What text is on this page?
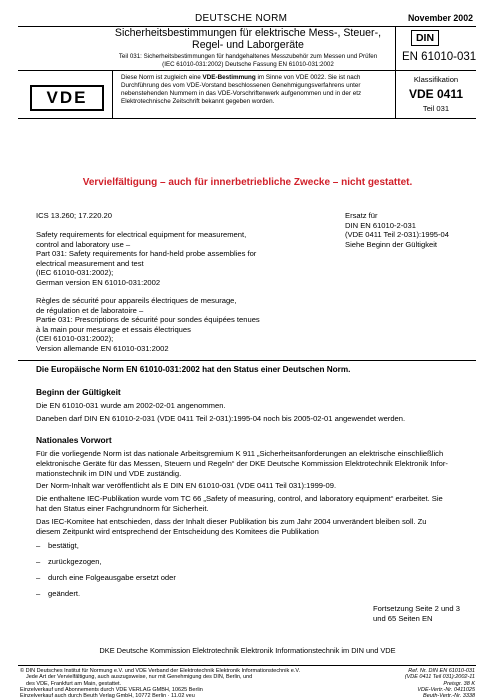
DEUTSCHE NORM	November 2002
Sicherheitsbestimmungen für elektrische Mess-, Steuer-,
Regel- und Laborgeräte
Teil 031: Sicherheitsbestimmungen für handgehaltenes Messzubehör zum Messen und Prüfen
(IEC 61010-031:2002) Deutsche Fassung EN 61010-031:2002
DIN
EN 61010-031
VDE
Diese Norm ist zugleich eine VDE-Bestimmung im Sinne von VDE 0022. Sie ist nach Durchführung des vom VDE-Vorstand beschlossenen Genehmigungsverfahrens unter nebenstehenden Nummern in das VDE-Vorschriftenwerk aufgenommen und in der etz Elektrotechnische Zeitschrift bekannt gegeben worden.
Klassifikation
VDE 0411
Teil 031
Vervielfältigung – auch für innerbetriebliche Zwecke – nicht gestattet.
ICS 13.260; 17.220.20	Ersatz für
DIN EN 61010-2-031
(VDE 0411 Teil 2-031):1995-04
Siehe Beginn der Gültigkeit
Safety requirements for electrical equipment for measurement,
control and laboratory use –
Part 031: Safety requirements for hand-held probe assemblies for
electrical measurement and test
(IEC 61010-031:2002);
German version EN 61010-031:2002
Règles de sécurité pour appareils électriques de mesurage,
de régulation et de laboratoire –
Partie 031: Prescriptions de sécurité pour sondes équipées tenues
à la main pour mesurage et essais électriques
(CEI 61010-031:2002);
Version allemande EN 61010-031:2002
Die Europäische Norm EN 61010-031:2002 hat den Status einer Deutschen Norm.
Beginn der Gültigkeit
Die EN 61010-031 wurde am 2002-02-01 angenommen.
Daneben darf DIN EN 61010-2-031 (VDE 0411 Teil 2-031):1995-04 noch bis 2005-02-01 angewendet werden.
Nationales Vorwort
Für die vorliegende Norm ist das nationale Arbeitsgremium K 911 „Sicherheitsanforderungen an elektrische einschließlich
elektronische Geräte für das Messen, Steuern und Regeln“ der DKE Deutsche Kommission Elektrotechnik Elektronik Infor-
mationstechnik im DIN und VDE zuständig.
Der Norm-Inhalt war veröffentlicht als E DIN EN 61010-031 (VDE 0411 Teil 031):1999-09.
Die enthaltene IEC-Publikation wurde vom TC 66 „Safety of measuring, control, and laboratory equipment“ erarbeitet. Sie
hat den Status einer Fachgrundnorm für Sicherheit.
Das IEC-Komitee hat entschieden, dass der Inhalt dieser Publikation bis zum Jahr 2004 unverändert bleiben soll. Zu
diesem Zeitpunkt wird entsprechend der Entscheidung des Komitees die Publikation
– bestätigt,
– zurückgezogen,
– durch eine Folgeausgabe ersetzt oder
– geändert.
Fortsetzung Seite 2 und 3
und 65 Seiten EN
DKE Deutsche Kommission Elektrotechnik Elektronik Informationstechnik im DIN und VDE
© DIN Deutsches Institut für Normung e.V. und VDE Verband der Elektrotechnik Elektronik Informationstechnik e.V.
Jede Art der Vervielfältigung, auch auszugsweise, nur mit Genehmigung des DIN, Berlin, und
des VDE, Frankfurt am Main, gestattet.
Einzelverkauf und Abonnements durch VDE VERLAG GMBH, 10625 Berlin
Einzelverkauf auch durch Beuth Verlag GmbH, 10772 Berlin · 11.02 veu
Ref. Nr. DIN EN 61010-031
(VDE 0411 Teil 031):2002-11
Preisgr. 38 K
VDE-Vertr.-Nr. 0411025
Beuth-Vertr.-Nr. 3338
